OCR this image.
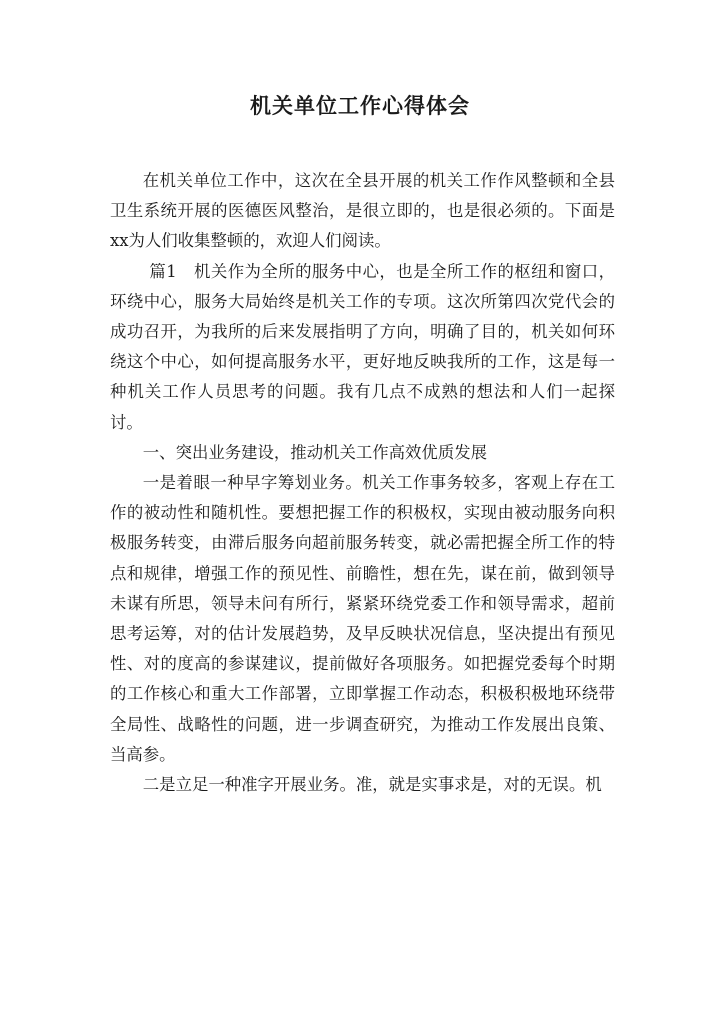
机关单位工作心得体会

在机关单位工作中，这次在全县开展的机关工作作风整顿和全县卫生系统开展的医德医风整治，是很立即的，也是很必须的。下面是xx为人们收集整顿的，欢迎人们阅读。

篇1　机关作为全所的服务中心，也是全所工作的枢纽和窗口，环绕中心，服务大局始终是机关工作的专项。这次所第四次党代会的成功召开，为我所的后来发展指明了方向，明确了目的，机关如何环绕这个中心，如何提高服务水平，更好地反映我所的工作，这是每一种机关工作人员思考的问题。我有几点不成熟的想法和人们一起探讨。

一、突出业务建设，推动机关工作高效优质发展

一是着眼一种早字筹划业务。机关工作事务较多，客观上存在工作的被动性和随机性。要想把握工作的积极权，实现由被动服务向积极服务转变，由滞后服务向超前服务转变，就必需把握全所工作的特点和规律，增强工作的预见性、前瞻性，想在先，谋在前，做到领导未谋有所思，领导未问有所行，紧紧环绕党委工作和领导需求，超前思考运筹，对的估计发展趋势，及早反映状况信息，坚决提出有预见性、对的度高的参谋建议，提前做好各项服务。如把握党委每个时期的工作核心和重大工作部署，立即掌握工作动态，积极积极地环绕带全局性、战略性的问题，进一步调查研究，为推动工作发展出良策、当高参。

二是立足一种准字开展业务。准，就是实事求是，对的无误。机
